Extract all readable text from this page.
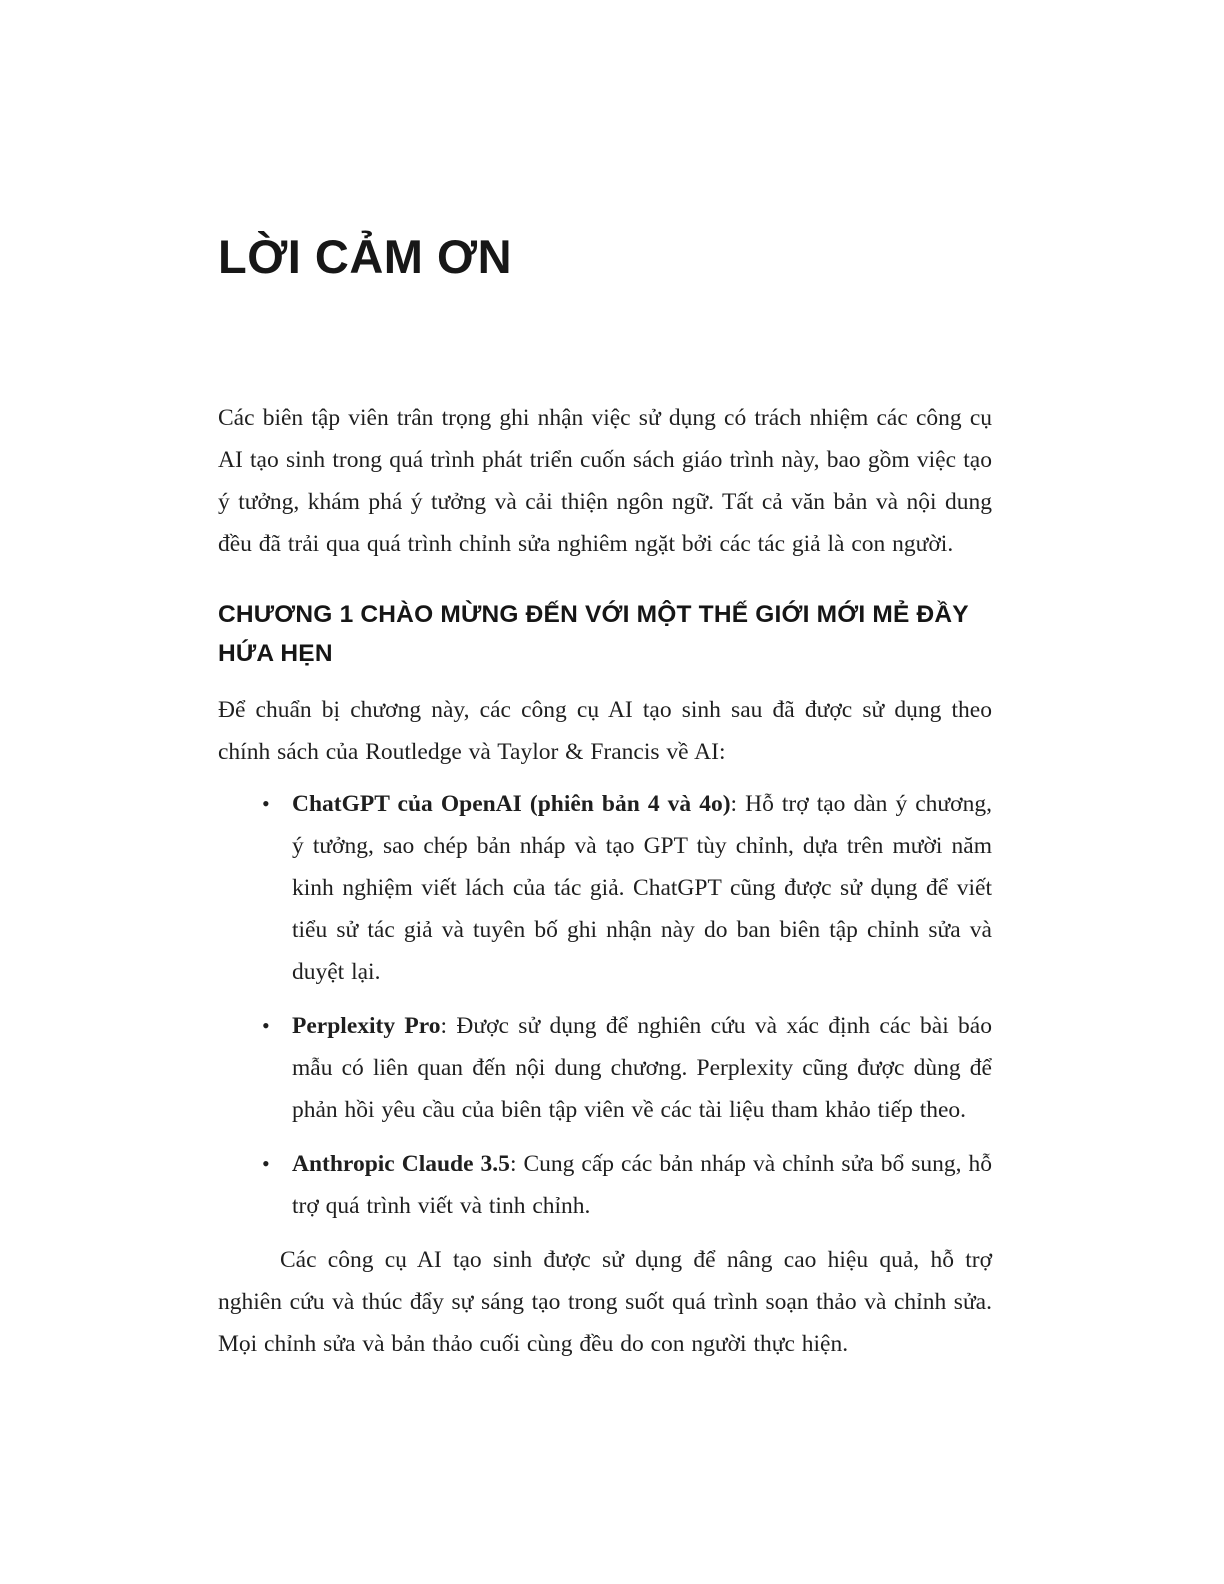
LỜI CẢM ƠN

Các biên tập viên trân trọng ghi nhận việc sử dụng có trách nhiệm các công cụ AI tạo sinh trong quá trình phát triển cuốn sách giáo trình này, bao gồm việc tạo ý tưởng, khám phá ý tưởng và cải thiện ngôn ngữ. Tất cả văn bản và nội dung đều đã trải qua quá trình chỉnh sửa nghiêm ngặt bởi các tác giả là con người.

CHƯƠNG 1 CHÀO MỪNG ĐẾN VỚI MỘT THẾ GIỚI MỚI MẺ ĐẦY HỨA HẸN

Để chuẩn bị chương này, các công cụ AI tạo sinh sau đã được sử dụng theo chính sách của Routledge và Taylor & Francis về AI:

• ChatGPT của OpenAI (phiên bản 4 và 4o): Hỗ trợ tạo dàn ý chương, ý tưởng, sao chép bản nháp và tạo GPT tùy chỉnh, dựa trên mười năm kinh nghiệm viết lách của tác giả. ChatGPT cũng được sử dụng để viết tiểu sử tác giả và tuyên bố ghi nhận này do ban biên tập chỉnh sửa và duyệt lại.
• Perplexity Pro: Được sử dụng để nghiên cứu và xác định các bài báo mẫu có liên quan đến nội dung chương. Perplexity cũng được dùng để phản hồi yêu cầu của biên tập viên về các tài liệu tham khảo tiếp theo.
• Anthropic Claude 3.5: Cung cấp các bản nháp và chỉnh sửa bổ sung, hỗ trợ quá trình viết và tinh chỉnh.

Các công cụ AI tạo sinh được sử dụng để nâng cao hiệu quả, hỗ trợ nghiên cứu và thúc đẩy sự sáng tạo trong suốt quá trình soạn thảo và chỉnh sửa. Mọi chỉnh sửa và bản thảo cuối cùng đều do con người thực hiện.
